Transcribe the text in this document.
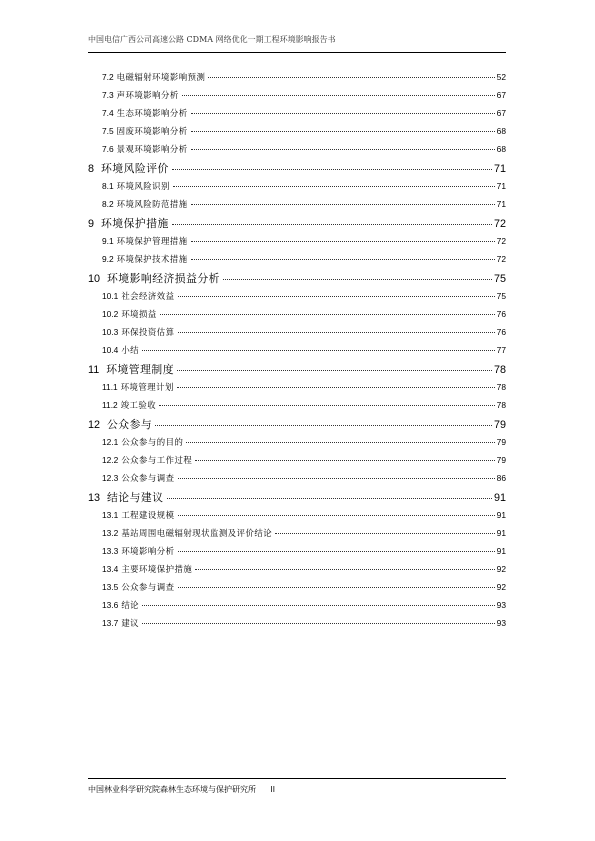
中国电信广西公司高速公路 CDMA 网络优化一期工程环境影响报告书
7.2 电磁辐射环境影响预测	52
7.3 声环境影响分析	67
7.4 生态环境影响分析	67
7.5 固废环境影响分析	68
7.6 景观环境影响分析	68
8 环境风险评价	71
8.1 环境风险识别	71
8.2 环境风险防范措施	71
9 环境保护措施	72
9.1 环境保护管理措施	72
9.2 环境保护技术措施	72
10 环境影响经济损益分析	75
10.1 社会经济效益	75
10.2 环境损益	76
10.3 环保投资估算	76
10.4 小结	77
11 环境管理制度	78
11.1 环境管理计划	78
11.2 竣工验收	78
12 公众参与	79
12.1 公众参与的目的	79
12.2 公众参与工作过程	79
12.3 公众参与调查	86
13 结论与建议	91
13.1 工程建设规模	91
13.2 基站周围电磁辐射现状监测及评价结论	91
13.3 环境影响分析	91
13.4 主要环境保护措施	92
13.5 公众参与调查	92
13.6 结论	93
13.7 建议	93
中国林业科学研究院森林生态环境与保护研究所 II
